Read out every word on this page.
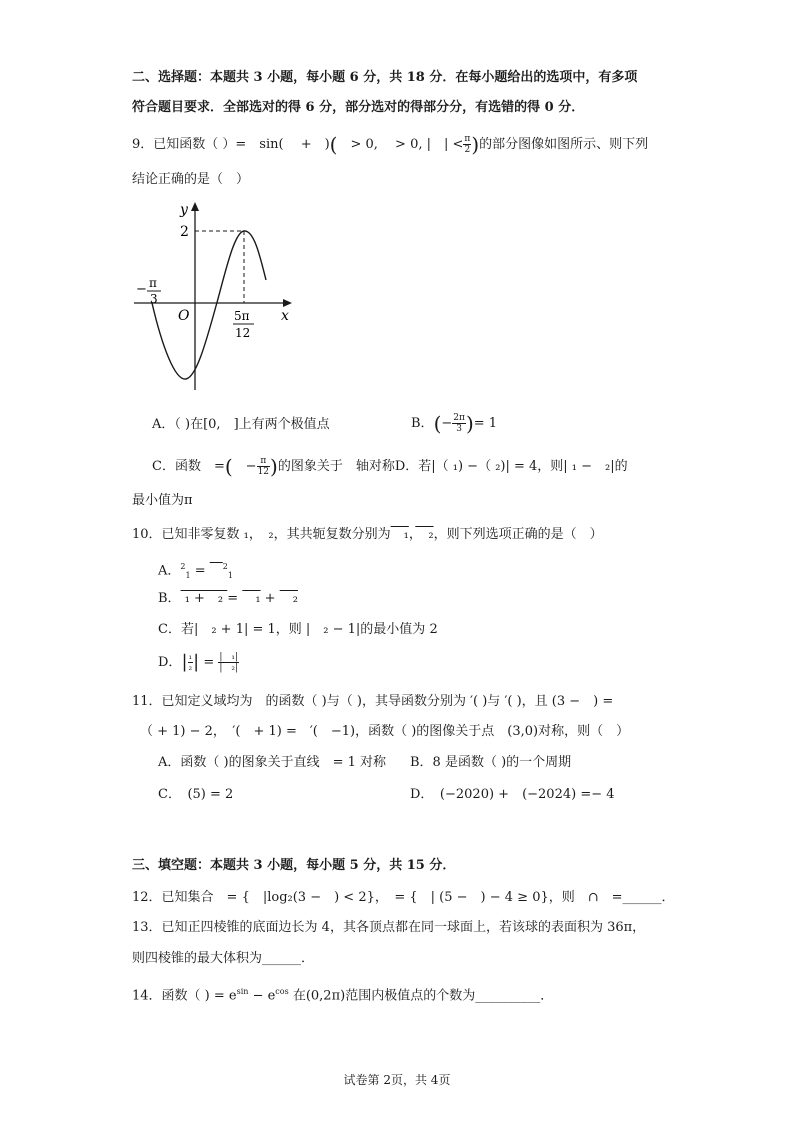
二、选择题：本题共 3 小题，每小题 6 分，共 18 分．在每小题给出的选项中，有多项
符合题目要求．全部选对的得 6 分，部分选对的得部分分，有选错的得 0 分．
9．已知函数（ ）=　sin(　 +　)(　> 0,　 > 0, |　| < $\frac{\pi}{2}$ )的部分图像如图所示、则下列
结论正确的是（　）
y
x
O
2
− π
3
5π
12
A．（ )在[0,　]上有两个极值点	B．(− $\frac{2\pi}{3}$ )= 1
C．函数　=(　− $\frac{\pi}{12}$ )的图象关于　轴对称D．若|（ ₁) −（ ₂)| = 4，则| ₁ −　₂|的
最小值为π
10．已知非零复数 ₁，　₂，其共轭复数分别为　₁，　₂，则下列选项正确的是（　）
A．$^2_1$ = 　$^2_1$
B． ₁ +　₂ = 　₁ + 　₂
C．若|　₂ + 1| = 1，则 |　₂ − 1|的最小值为 2
D．| $\frac{\text{₁}}{\text{₂}}$ | = $\frac{\text{|　₁|}}{\text{|　₂|}}$
11．已知定义域均为　的函数（ )与（ )，其导函数分别为 ′( )与 ′( )，且 (3 −　) =
（ + 1) − 2，　′(　+ 1) =　′(　−1)，函数（ )的图像关于点　(3,0)对称，则（　）
A．函数（ )的图象关于直线　= 1 对称 B．8 是函数（ )的一个周期
C．　(5) = 2	D．　(−2020) +　(−2024) =− 4
三、填空题：本题共 3 小题，每小题 5 分，共 15 分．
12．已知集合　= {　|log₂(3 −　) < 2}，　= {　| (5 −　) − 4 ≥ 0}，则　∩　=______．
13．已知正四棱锥的底面边长为 4，其各顶点都在同一球面上，若该球的表面积为 36π，
则四棱锥的最大体积为______．
14．函数（ ) = $e^{sin} - e^{cos}$ 在(0,2π)范围内极值点的个数为__________．
试卷第 2页，共 4页
